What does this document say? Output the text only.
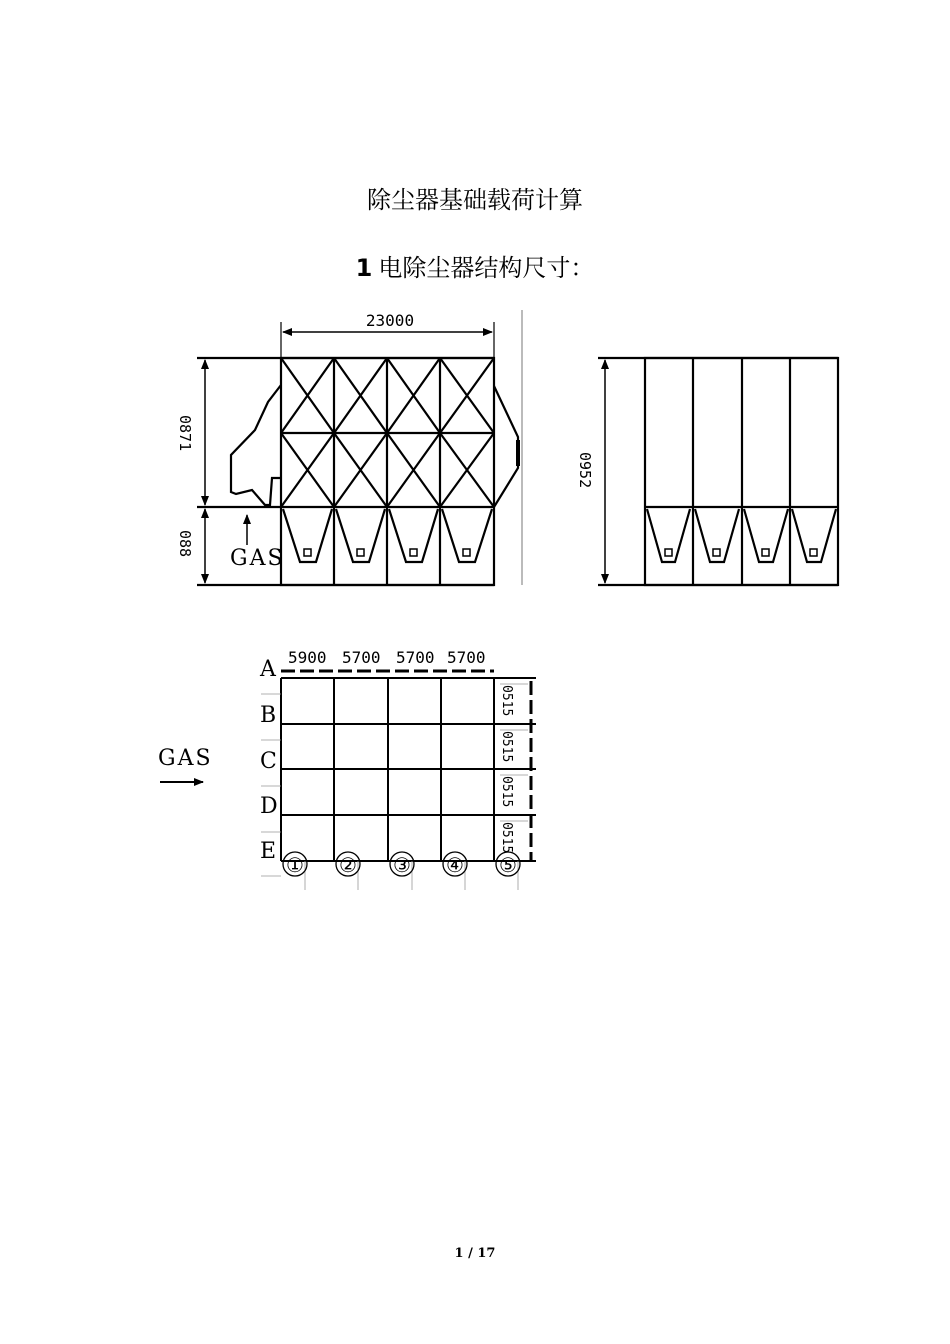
除尘器基础载荷计算
1 电除尘器结构尺寸：
23000
0871
088
GAS
0952
5900 5700 5700 5700
A
B
C
D
E
0515
0515
0515
0515
① ② ③ ④ ⑤
GAS
1 / 17
